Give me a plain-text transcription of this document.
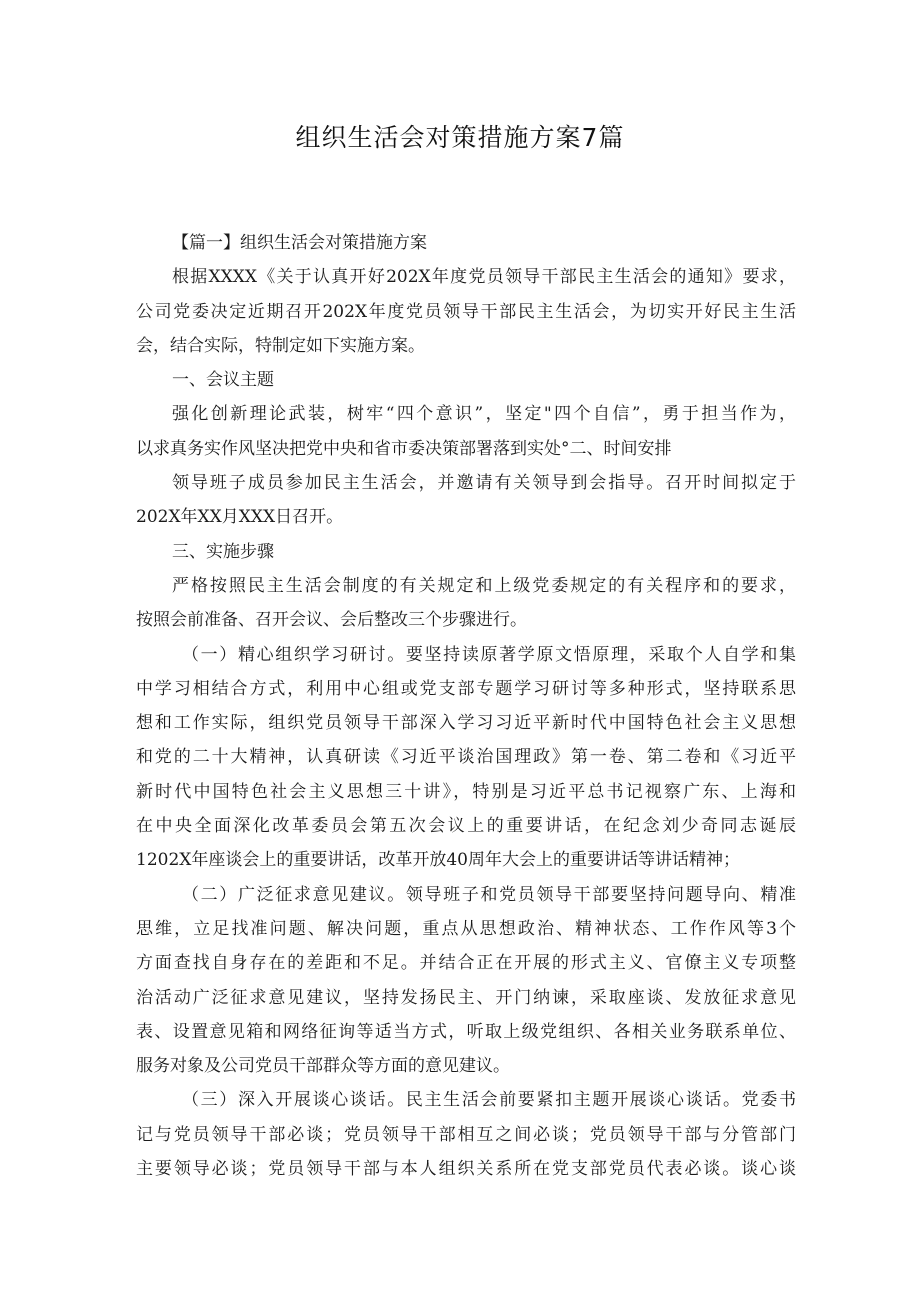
组织生活会对策措施方案7篇
【篇一】组织生活会对策措施方案
根据XXXX《关于认真开好202X年度党员领导干部民主生活会的通知》要求，
公司党委决定近期召开202X年度党员领导干部民主生活会，为切实开好民主生活
会，结合实际，特制定如下实施方案。
一、会议主题
强化创新理论武装，树牢“四个意识”，坚定"四个自信”，勇于担当作为，
以求真务实作风坚决把党中央和省市委决策部署落到实处°二、时间安排
领导班子成员参加民主生活会，并邀请有关领导到会指导。召开时间拟定于
202X年XX月XXX日召开。
三、实施步骤
严格按照民主生活会制度的有关规定和上级党委规定的有关程序和的要求，
按照会前准备、召开会议、会后整改三个步骤进行。
（一）精心组织学习研讨。要坚持读原著学原文悟原理，采取个人自学和集
中学习相结合方式，利用中心组或党支部专题学习研讨等多种形式，坚持联系思
想和工作实际，组织党员领导干部深入学习习近平新时代中国特色社会主义思想
和党的二十大精神，认真研读《习近平谈治国理政》第一卷、第二卷和《习近平
新时代中国特色社会主义思想三十讲》，特别是习近平总书记视察广东、上海和
在中央全面深化改革委员会第五次会议上的重要讲话，在纪念刘少奇同志诞辰
1202X年座谈会上的重要讲话，改革开放40周年大会上的重要讲话等讲话精神；
（二）广泛征求意见建议。领导班子和党员领导干部要坚持问题导向、精准
思维，立足找准问题、解决问题，重点从思想政治、精神状态、工作作风等3个
方面查找自身存在的差距和不足。并结合正在开展的形式主义、官僚主义专项整
治活动广泛征求意见建议，坚持发扬民主、开门纳谏，采取座谈、发放征求意见
表、设置意见箱和网络征询等适当方式，听取上级党组织、各相关业务联系单位、
服务对象及公司党员干部群众等方面的意见建议。
（三）深入开展谈心谈话。民主生活会前要紧扣主题开展谈心谈话。党委书
记与党员领导干部必谈；党员领导干部相互之间必谈；党员领导干部与分管部门
主要领导必谈；党员领导干部与本人组织关系所在党支部党员代表必谈。谈心谈
